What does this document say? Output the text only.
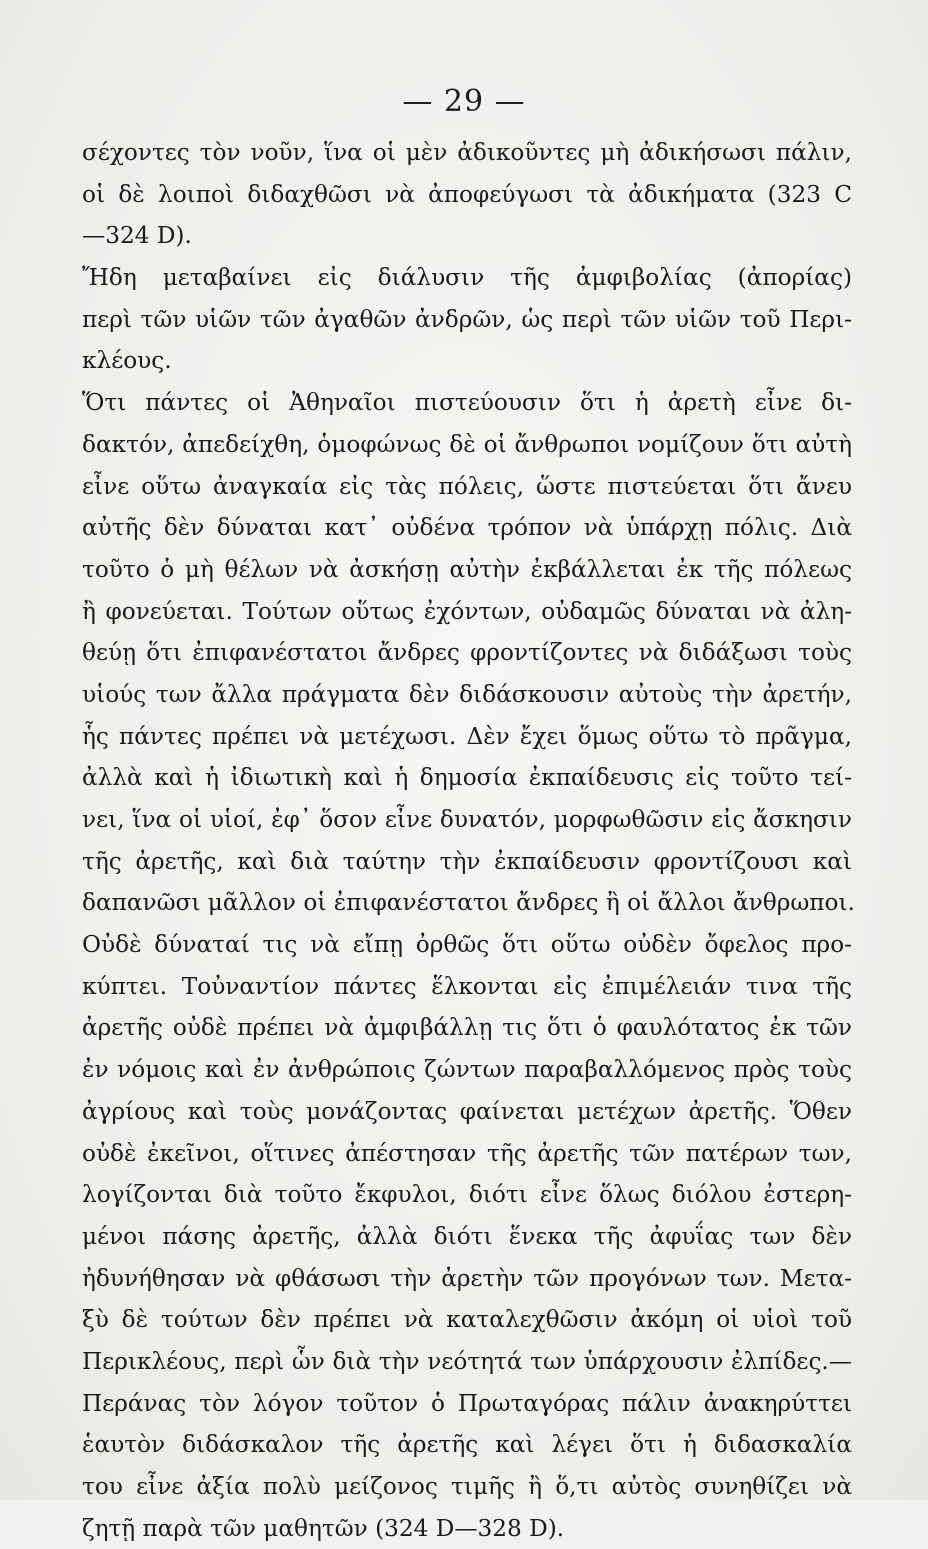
— 29 —
σέχοντες τὸν νοῦν, ἵνα οἱ μὲν ἀδικοῦντες μὴ ἀδικήσωσι πάλιν,
οἱ δὲ λοιποὶ διδαχθῶσι νὰ ἀποφεύγωσι τὰ ἀδικήματα (323 C
—324 D).
Ἤδη μεταβαίνει εἰς διάλυσιν τῆς ἀμφιβολίας (ἀπορίας)
περὶ τῶν υἱῶν τῶν ἀγαθῶν ἀνδρῶν, ὡς περὶ τῶν υἱῶν τοῦ Περι-
κλέους.
Ὅτι πάντες οἱ Ἀθηναῖοι πιστεύουσιν ὅτι ἡ ἀρετὴ εἶνε δι-
δακτόν, ἀπεδείχθη, ὁμοφώνως δὲ οἱ ἄνθρωποι νομίζουν ὅτι αὐτὴ
εἶνε οὕτω ἀναγκαία εἰς τὰς πόλεις, ὥστε πιστεύεται ὅτι ἄνευ
αὐτῆς δὲν δύναται κατ᾽ οὐδένα τρόπον νὰ ὑπάρχῃ πόλις. Διὰ
τοῦτο ὁ μὴ θέλων νὰ ἀσκήσῃ αὐτὴν ἐκβάλλεται ἐκ τῆς πόλεως
ἢ φονεύεται. Τούτων οὕτως ἐχόντων, οὐδαμῶς δύναται νὰ ἀλη-
θεύῃ ὅτι ἐπιφανέστατοι ἄνδρες φροντίζοντες νὰ διδάξωσι τοὺς
υἱούς των ἄλλα πράγματα δὲν διδάσκουσιν αὐτοὺς τὴν ἀρετήν,
ἧς πάντες πρέπει νὰ μετέχωσι. Δὲν ἔχει ὅμως οὕτω τὸ πρᾶγμα,
ἀλλὰ καὶ ἡ ἰδιωτικὴ καὶ ἡ δημοσία ἐκπαίδευσις εἰς τοῦτο τεί-
νει, ἵνα οἱ υἱοί, ἐφ᾽ ὅσον εἶνε δυνατόν, μορφωθῶσιν εἰς ἄσκησιν
τῆς ἀρετῆς, καὶ διὰ ταύτην τὴν ἐκπαίδευσιν φροντίζουσι καὶ
δαπανῶσι μᾶλλον οἱ ἐπιφανέστατοι ἄνδρες ἢ οἱ ἄλλοι ἄνθρωποι.
Οὐδὲ δύναταί τις νὰ εἴπῃ ὀρθῶς ὅτι οὕτω οὐδὲν ὄφελος προ-
κύπτει. Τοὐναντίον πάντες ἕλκονται εἰς ἐπιμέλειάν τινα τῆς
ἀρετῆς οὐδὲ πρέπει νὰ ἀμφιβάλλῃ τις ὅτι ὁ φαυλότατος ἐκ τῶν
ἐν νόμοις καὶ ἐν ἀνθρώποις ζώντων παραβαλλόμενος πρὸς τοὺς
ἀγρίους καὶ τοὺς μονάζοντας φαίνεται μετέχων ἀρετῆς. Ὅθεν
οὐδὲ ἐκεῖνοι, οἵτινες ἀπέστησαν τῆς ἀρετῆς τῶν πατέρων των,
λογίζονται διὰ τοῦτο ἔκφυλοι, διότι εἶνε ὅλως διόλου ἐστερη-
μένοι πάσης ἀρετῆς, ἀλλὰ διότι ἕνεκα τῆς ἀφυΐας των δὲν
ἠδυνήθησαν νὰ φθάσωσι τὴν ἀρετὴν τῶν προγόνων των. Μετα-
ξὺ δὲ τούτων δὲν πρέπει νὰ καταλεχθῶσιν ἀκόμη οἱ υἱοὶ τοῦ
Περικλέους, περὶ ὧν διὰ τὴν νεότητά των ὑπάρχουσιν ἐλπίδες.—
Περάνας τὸν λόγον τοῦτον ὁ Πρωταγόρας πάλιν ἀνακηρύττει
ἑαυτὸν διδάσκαλον τῆς ἀρετῆς καὶ λέγει ὅτι ἡ διδασκαλία
του εἶνε ἀξία πολὺ μείζονος τιμῆς ἢ ὅ,τι αὐτὸς συνηθίζει νὰ
ζητῇ παρὰ τῶν μαθητῶν (324 D—328 D).
